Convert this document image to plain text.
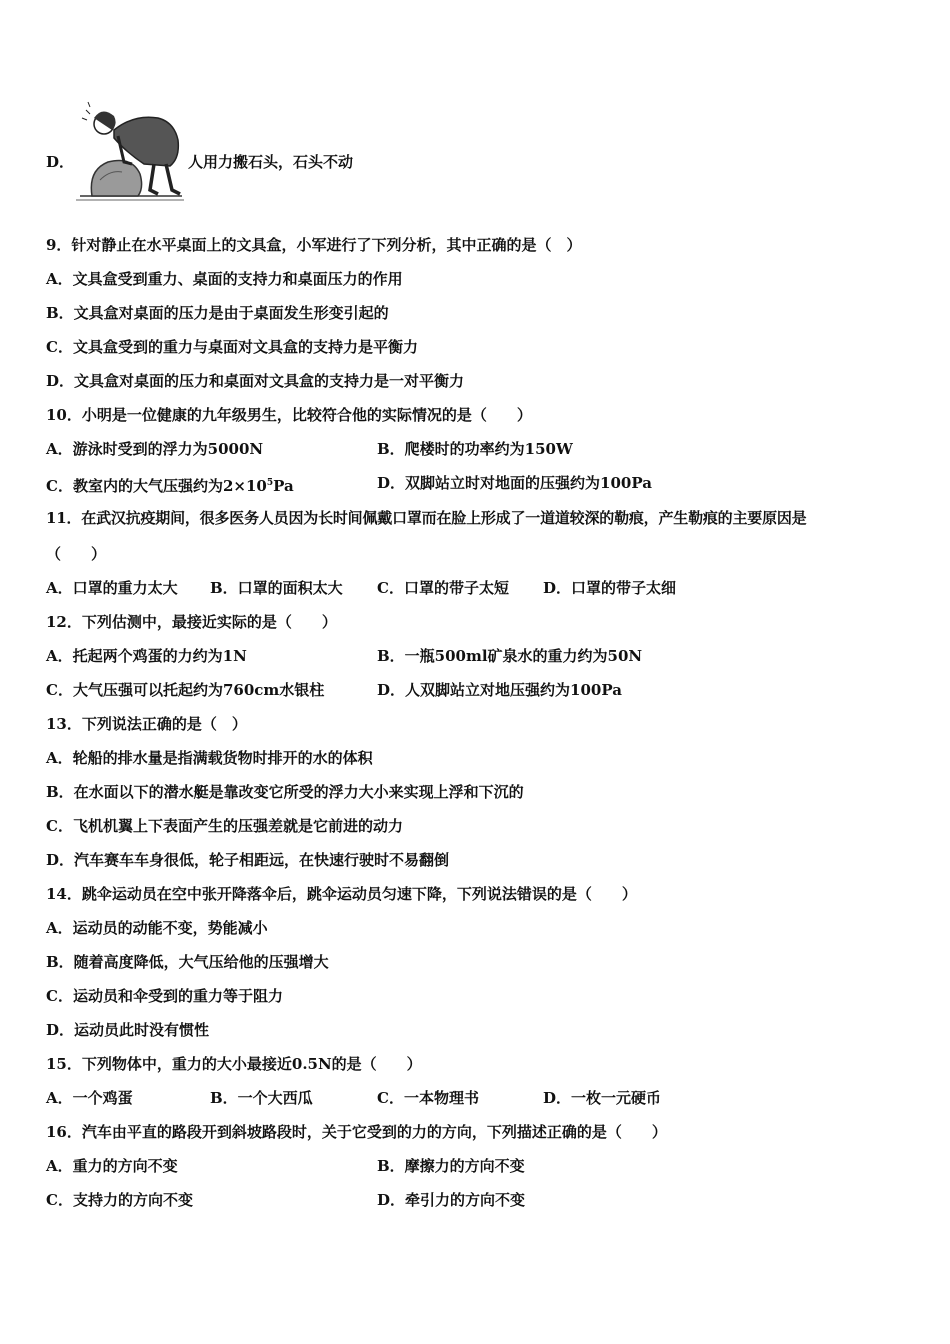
D．	人用力搬石头，石头不动
9．针对静止在水平桌面上的文具盒，小军进行了下列分析，其中正确的是（　）
A．文具盒受到重力、桌面的支持力和桌面压力的作用
B．文具盒对桌面的压力是由于桌面发生形变引起的
C．文具盒受到的重力与桌面对文具盒的支持力是平衡力
D．文具盒对桌面的压力和桌面对文具盒的支持力是一对平衡力
10．小明是一位健康的九年级男生，比较符合他的实际情况的是（　　）
A．游泳时受到的浮力为5000N	B．爬楼时的功率约为150W
C．教室内的大气压强约为$2\times 10^5Pa$	D．双脚站立时对地面的压强约为100Pa
11．在武汉抗疫期间，很多医务人员因为长时间佩戴口罩而在脸上形成了一道道较深的勒痕，产生勒痕的主要原因是
（　　）
A．口罩的重力太大 B．口罩的面积太大 C．口罩的带子太短 D．口罩的带子太细
12．下列估测中，最接近实际的是（　　）
A．托起两个鸡蛋的力约为1N	B．一瓶500ml矿泉水的重力约为50N
C．大气压强可以托起约为760cm水银柱	D．人双脚站立对地压强约为100Pa
13．下列说法正确的是（　）
A．轮船的排水量是指满载货物时排开的水的体积
B．在水面以下的潜水艇是靠改变它所受的浮力大小来实现上浮和下沉的
C．飞机机翼上下表面产生的压强差就是它前进的动力
D．汽车赛车车身很低，轮子相距远，在快速行驶时不易翻倒
14．跳伞运动员在空中张开降落伞后，跳伞运动员匀速下降，下列说法错误的是（　　）
A．运动员的动能不变，势能减小
B．随着高度降低，大气压给他的压强增大
C．运动员和伞受到的重力等于阻力
D．运动员此时没有惯性
15．下列物体中，重力的大小最接近0.5N的是（　　）
A．一个鸡蛋	B．一个大西瓜	C．一本物理书	D．一枚一元硬币
16．汽车由平直的路段开到斜坡路段时，关于它受到的力的方向，下列描述正确的是（　　）
A．重力的方向不变	B．摩擦力的方向不变
C．支持力的方向不变	D．牵引力的方向不变
